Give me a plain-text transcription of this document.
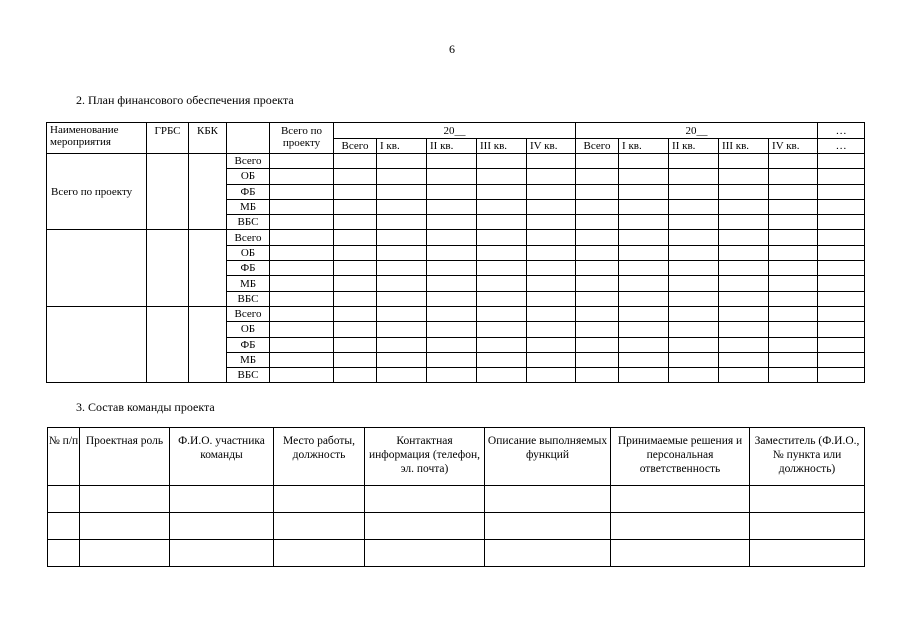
6
2. План финансового обеспечения проекта
Наименование мероприятия	ГРБС	КБК		Всего по проекту	20__					20__					…
					Всего	I кв.	II кв.	III кв.	IV кв.	Всего	I кв.	II кв.	III кв.	IV кв.	…
Всего по проекту			Всего												
			ОБ												
			ФБ												
			МБ												
			ВБС												
			Всего												
			ОБ												
			ФБ												
			МБ												
			ВБС												
			Всего												
			ОБ												
			ФБ												
			МБ												
			ВБС												
3. Состав команды проекта
№ п/п	Проектная роль	Ф.И.О. участника команды	Место работы, должность	Контактная информация (телефон, эл. почта)	Описание выполняемых функций	Принимаемые решения и персональная ответственность	Заместитель (Ф.И.О., № пункта или должность)
